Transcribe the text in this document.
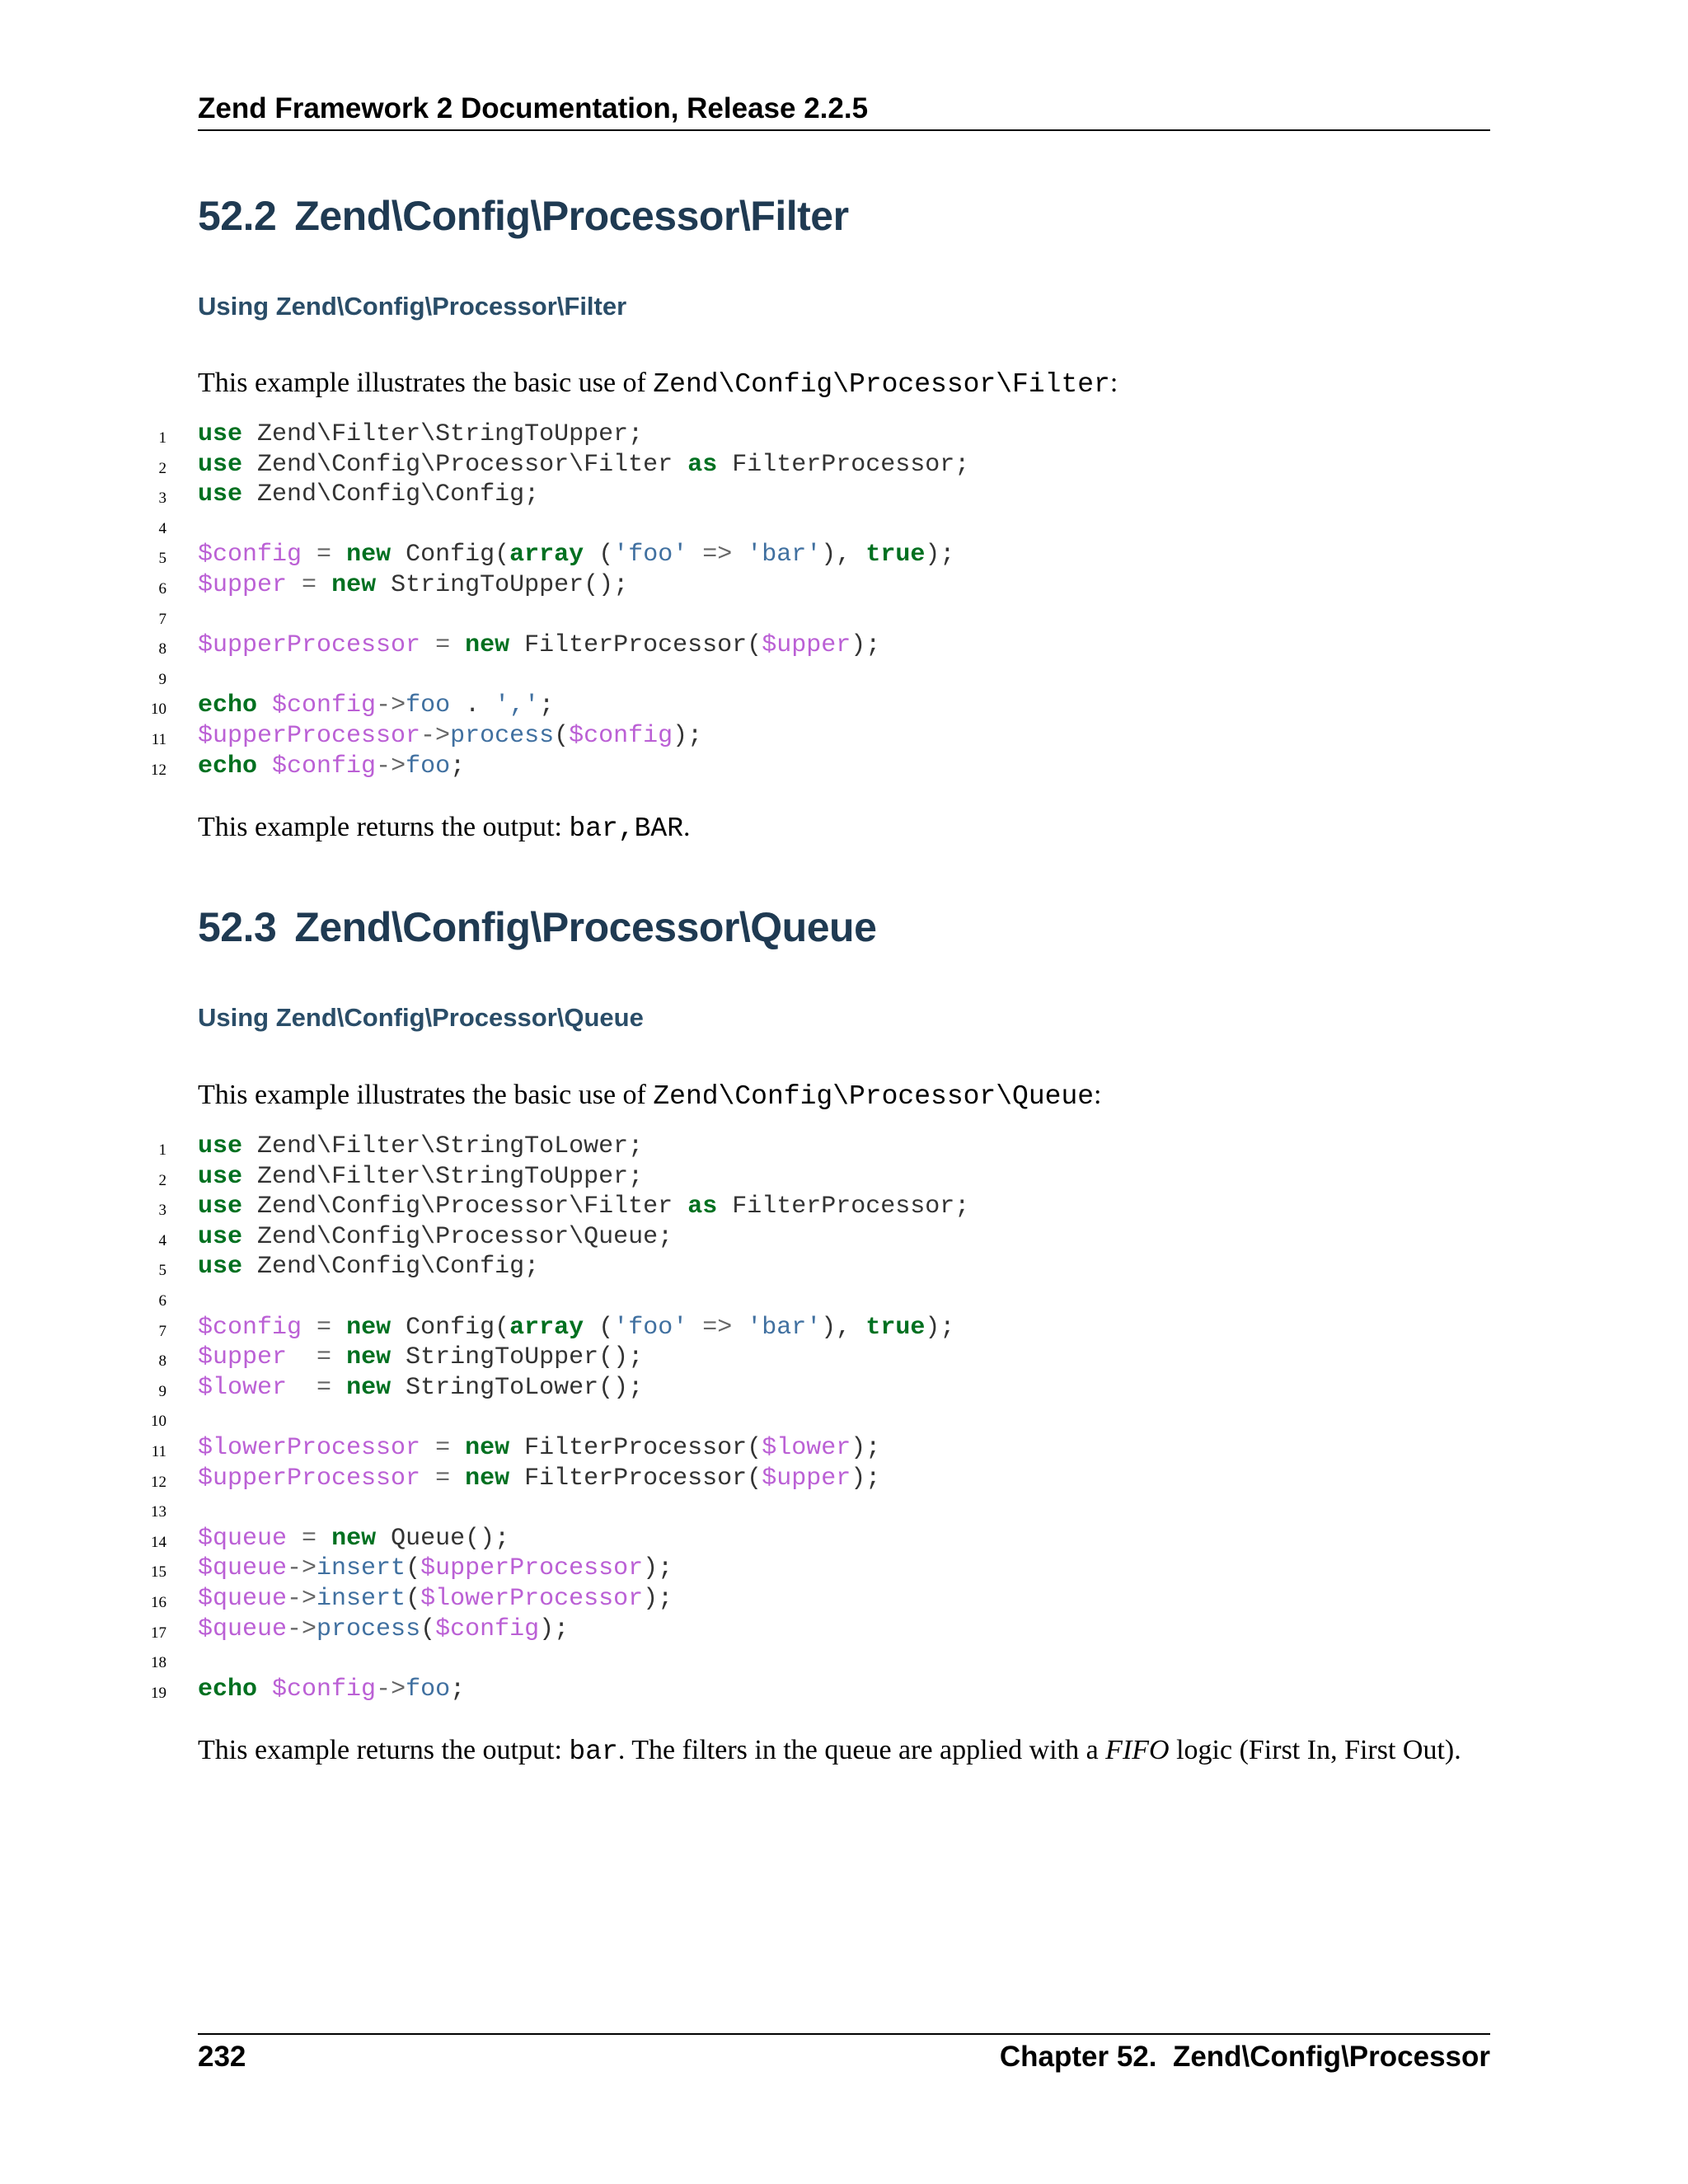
Zend Framework 2 Documentation, Release 2.2.5
52.2 Zend\Config\Processor\Filter
Using Zend\Config\Processor\Filter
This example illustrates the basic use of Zend\Config\Processor\Filter:
1 use Zend\Filter\StringToUpper;
2 use Zend\Config\Processor\Filter as FilterProcessor;
3 use Zend\Config\Config;
4
5 $config = new Config(array ('foo' => 'bar'), true);
6 $upper = new StringToUpper();
7
8 $upperProcessor = new FilterProcessor($upper);
9
10 echo $config->foo . ',';
11 $upperProcessor->process($config);
12 echo $config->foo;
This example returns the output: bar,BAR.
52.3 Zend\Config\Processor\Queue
Using Zend\Config\Processor\Queue
This example illustrates the basic use of Zend\Config\Processor\Queue:
1 use Zend\Filter\StringToLower;
2 use Zend\Filter\StringToUpper;
3 use Zend\Config\Processor\Filter as FilterProcessor;
4 use Zend\Config\Processor\Queue;
5 use Zend\Config\Config;
6
7 $config = new Config(array ('foo' => 'bar'), true);
8 $upper = new StringToUpper();
9 $lower = new StringToLower();
10
11 $lowerProcessor = new FilterProcessor($lower);
12 $upperProcessor = new FilterProcessor($upper);
13
14 $queue = new Queue();
15 $queue->insert($upperProcessor);
16 $queue->insert($lowerProcessor);
17 $queue->process($config);
18
19 echo $config->foo;
This example returns the output: bar. The filters in the queue are applied with a FIFO logic (First In, First Out).
232	Chapter 52.  Zend\Config\Processor
